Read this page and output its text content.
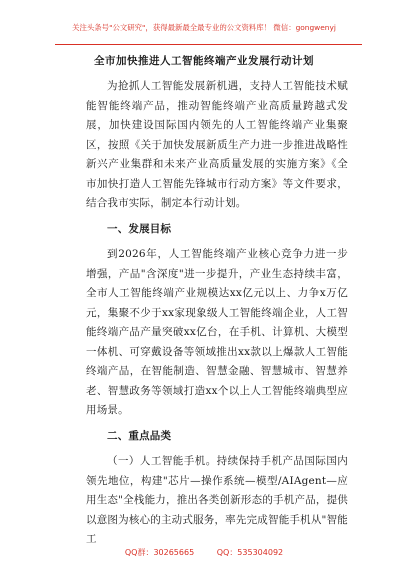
关注头条号"公文研究"，获得最新最全最专业的公文资料库！ 微信：gongwenyj
全市加快推进人工智能终端产业发展行动计划

为抢抓人工智能发展新机遇，支持人工智能技术赋能智能终端产品，推动智能终端产业高质量跨越式发展，加快建设国际国内领先的人工智能终端产业集聚区，按照《关于加快发展新质生产力进一步推进战略性新兴产业集群和未来产业高质量发展的实施方案》《全市加快打造人工智能先锋城市行动方案》等文件要求，结合我市实际，制定本行动计划。

一、发展目标

到2026年，人工智能终端产业核心竞争力进一步增强，产品"含深度"进一步提升，产业生态持续丰富，全市人工智能终端产业规模达xx亿元以上、力争x万亿元，集聚不少于xx家现象级人工智能终端企业，人工智能终端产品产量突破xx亿台，在手机、计算机、大模型一体机、可穿戴设备等领域推出xx款以上爆款人工智能终端产品，在智能制造、智慧金融、智慧城市、智慧养老、智慧政务等领域打造xx个以上人工智能终端典型应用场景。

二、重点品类

（一）人工智能手机。持续保持手机产品国际国内领先地位，构建"芯片—操作系统—模型/AIAgent—应用生态"全栈能力，推出各类创新形态的手机产品，提供以意图为核心的主动式服务，率先完成智能手机从"智能工

QQ群：30265665	QQ：535304092
